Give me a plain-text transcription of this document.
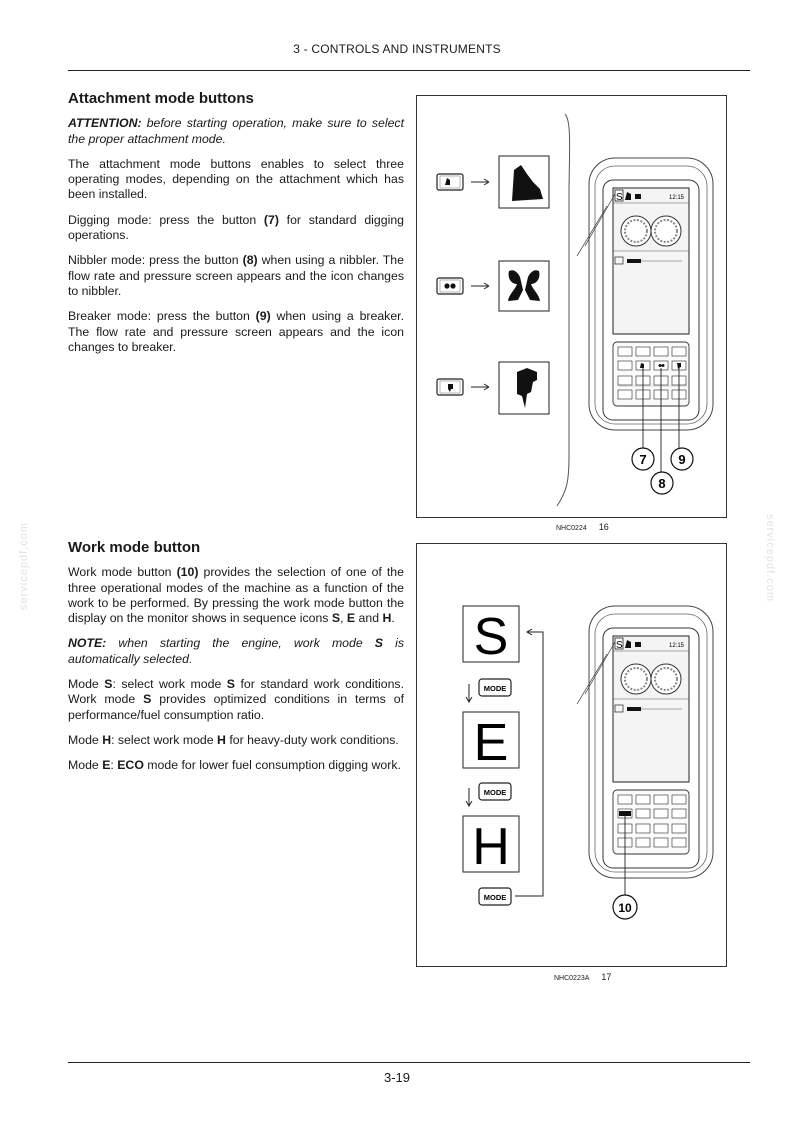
3 - CONTROLS AND INSTRUMENTS
Attachment mode buttons

ATTENTION: before starting operation, make sure to select the proper attachment mode.

The attachment mode buttons enables to select three operating modes, depending on the attachment which has been installed.

Digging mode: press the button (7) for standard digging operations.

Nibbler mode: press the button (8) when using a nibbler. The flow rate and pressure screen appears and the icon changes to nibbler.

Breaker mode: press the button (9) when using a breaker. The flow rate and pressure screen appears and the icon changes to breaker.

S	12:15
7 9
8
NHC0224 16
Work mode button

Work mode button (10) provides the selection of one of the three operational modes of the machine as a function of the work to be performed. By pressing the work mode button the display on the monitor shows in sequence icons S, E and H.

NOTE: when starting the engine, work mode S is automatically selected.

Mode S: select work mode S for standard work conditions. Work mode S provides optimized conditions in terms of performance/fuel consumption ratio.

Mode H: select work mode H for heavy-duty work conditions.

Mode E: ECO mode for lower fuel consumption digging work.

S
E
H
MODE
MODE
MODE
S	12:15
10
NHC0223A 17
servicepdf.com	servicepdf.com
3-19
